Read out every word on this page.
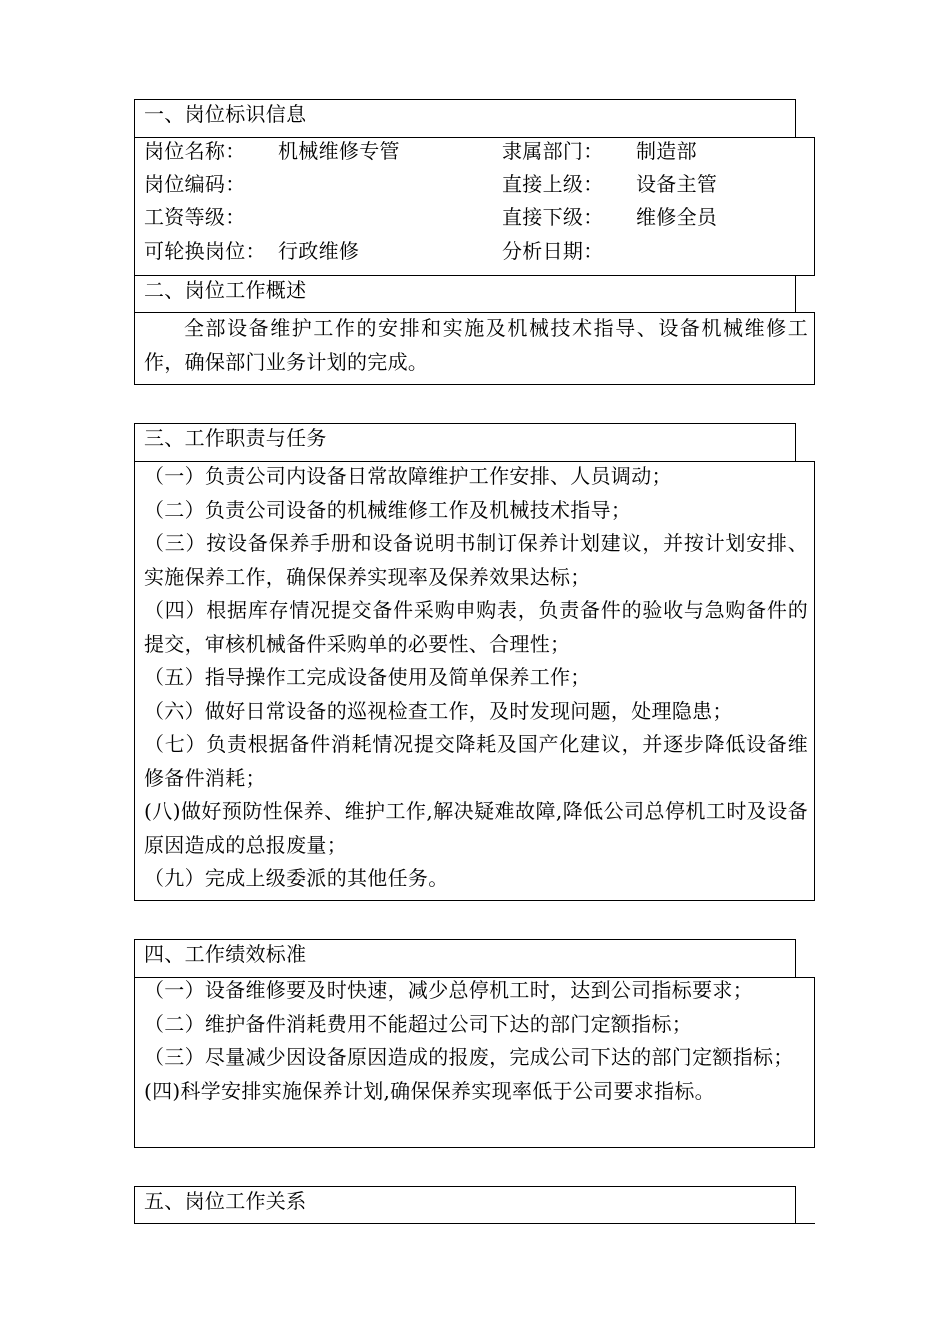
一、岗位标识信息
岗位名称： 机械维修专管	隶属部门： 制造部
岗位编码：	直接上级： 设备主管
工资等级：	直接下级： 维修全员
可轮换岗位： 行政维修	分析日期：
二、岗位工作概述
全部设备维护工作的安排和实施及机械技术指导、设备机械维修工作，确保部门业务计划的完成。
三、工作职责与任务

（一）负责公司内设备日常故障维护工作安排、人员调动；

（二）负责公司设备的机械维修工作及机械技术指导；

（三）按设备保养手册和设备说明书制订保养计划建议，并按计划安排、实施保养工作，确保保养实现率及保养效果达标；

（四）根据库存情况提交备件采购申购表，负责备件的验收与急购备件的提交，审核机械备件采购单的必要性、合理性；

（五）指导操作工完成设备使用及简单保养工作；

（六）做好日常设备的巡视检查工作，及时发现问题，处理隐患；

（七）负责根据备件消耗情况提交降耗及国产化建议，并逐步降低设备维修备件消耗；

(八)做好预防性保养、维护工作,解决疑难故障,降低公司总停机工时及设备原因造成的总报废量；

（九）完成上级委派的其他任务。

四、工作绩效标准

（一）设备维修要及时快速，减少总停机工时，达到公司指标要求；

（二）维护备件消耗费用不能超过公司下达的部门定额指标；

（三）尽量减少因设备原因造成的报废，完成公司下达的部门定额指标；

(四)科学安排实施保养计划,确保保养实现率低于公司要求指标。

五、岗位工作关系
